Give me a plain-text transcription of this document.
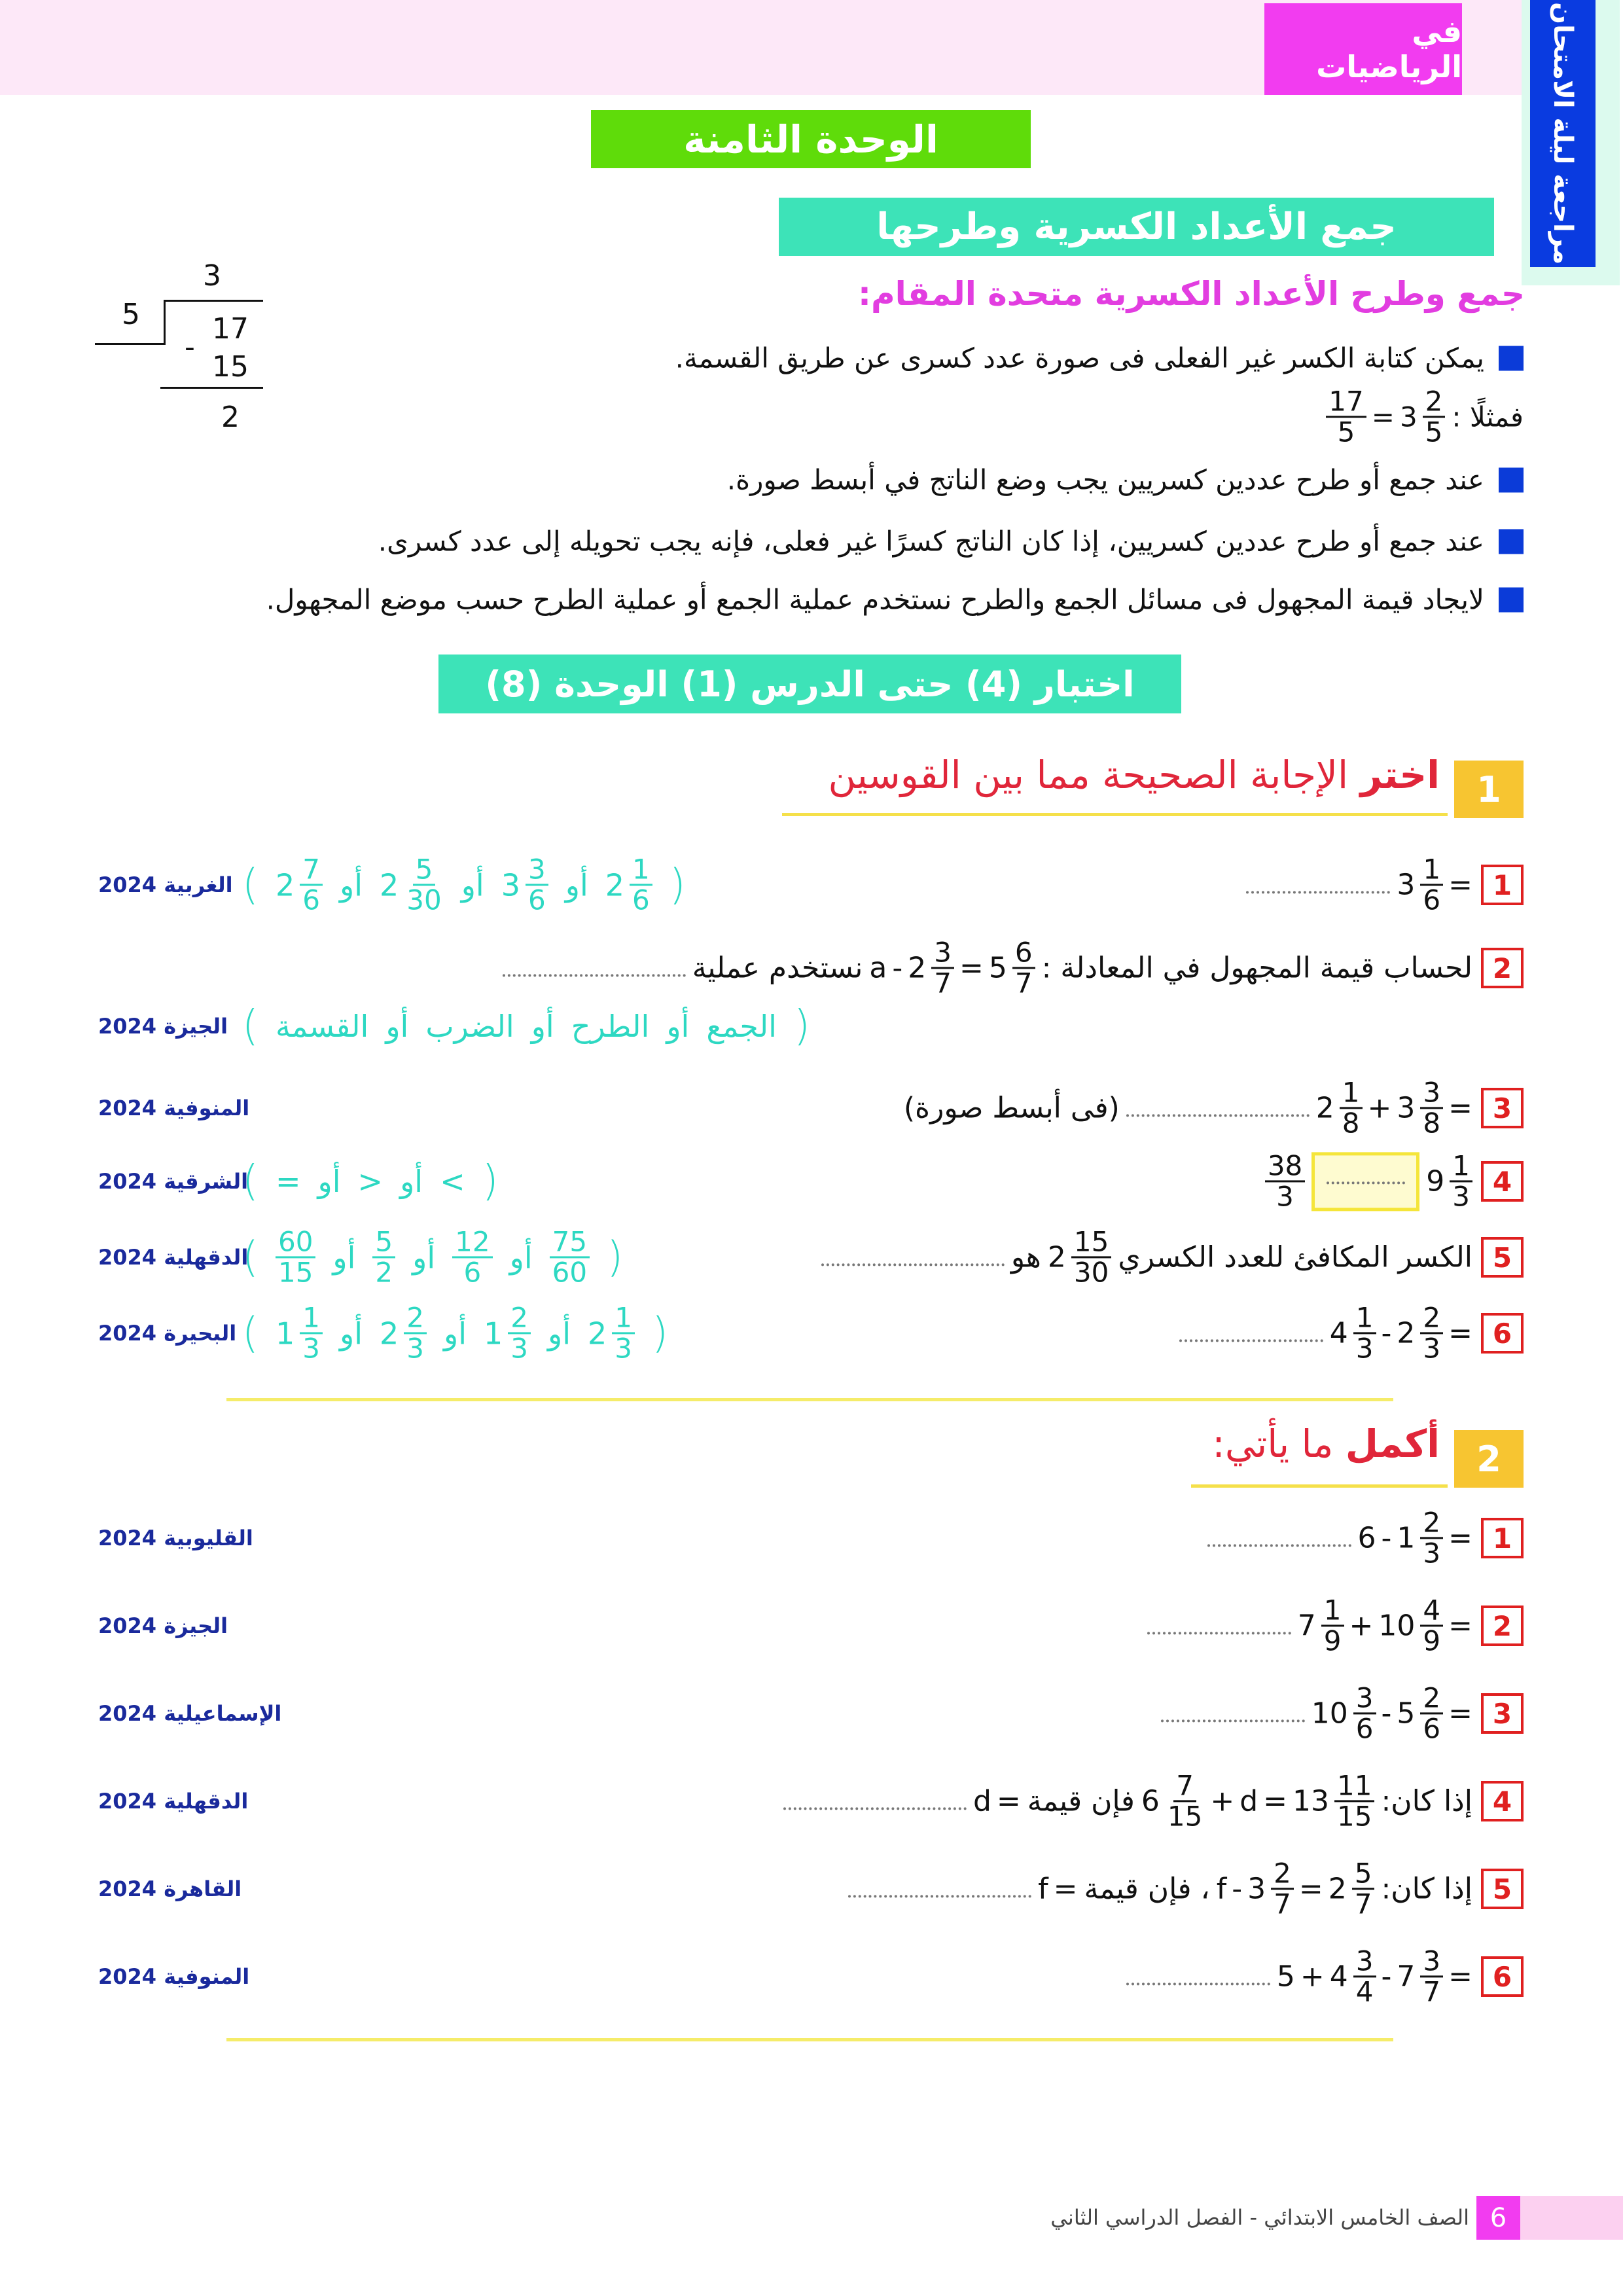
في الرياضيات	مراجعة ليلة الامتحان
الوحدة الثامنة
جمع الأعداد الكسرية وطرحها
جمع وطرح الأعداد الكسرية متحدة المقام:
3
5	17
-
15
2
يمكن كتابة الكسر غير الفعلى فى صورة عدد كسرى عن طريق القسمة.
فمثلًا :
$\frac{17}{5} = 3 \frac{2}{5}$
عند جمع أو طرح عددين كسريين يجب وضع الناتج في أبسط صورة.
عند جمع أو طرح عددين كسريين، إذا كان الناتج كسرًا غير فعلى، فإنه يجب تحويله إلى عدد كسرى.
لايجاد قيمة المجهول فى مسائل الجمع والطرح نستخدم عملية الجمع أو عملية الطرح حسب موضع المجهول.
اختبار (4) حتى الدرس (1) الوحدة (8)
1
اختر الإجابة الصحيحة مما بين القوسين
1
$3 \frac{1}{6}$ =
(
$2 \frac{1}{6}$
أو
$3 \frac{3}{6}$
أو
$2 \frac{5}{30}$
أو
$2 \frac{7}{6}$
)
الغربية 2024
2
لحساب قيمة المجهول في المعادلة :
$a - 2 \frac{3}{7} = 5 \frac{6}{7}$
نستخدم عملية
(
الجمع
أو
الطرح
أو
الضرب
أو
القسمة
)
الجيزة 2024
3
$2 \frac{1}{8} + 3 \frac{3}{8}$ =
(فى أبسط صورة)
المنوفية 2024
4
$9 \frac{1}{3}$
$\frac{38}{3}$
(
<
أو
>
أو
=
)
الشرقية 2024
5
الكسر المكافئ للعدد الكسري
$2 \frac{15}{30}$
هو
(
$\frac{75}{60}$
أو
$\frac{12}{6}$
أو
$\frac{5}{2}$
أو
$\frac{60}{15}$
)
الدقهلية 2024
6
$4 \frac{1}{3} - 2 \frac{2}{3}$ =
(
$2 \frac{1}{3}$
أو
$1 \frac{2}{3}$
أو
$2 \frac{2}{3}$
أو
$1 \frac{1}{3}$
)
البحيرة 2024
2
أكمل ما يأتي:
1
$6 - 1 \frac{2}{3}$ =
القليوبية 2024
2
$7 \frac{1}{9} + 10 \frac{4}{9}$ =
الجيزة 2024
3
$10 \frac{3}{6} - 5 \frac{2}{6}$ =
الإسماعيلية 2024
4
إذا كان:
$6 \frac{7}{15} + d = 13 \frac{11}{15}$
فإن قيمة
d =
الدقهلية 2024
5
إذا كان:
$f - 3 \frac{2}{7} = 2 \frac{5}{7}$
، فإن قيمة
f =
القاهرة 2024
6
$5 + 4 \frac{3}{4} - 7 \frac{3}{7}$ =
المنوفية 2024
6
الصف الخامس الابتدائي - الفصل الدراسي الثاني
